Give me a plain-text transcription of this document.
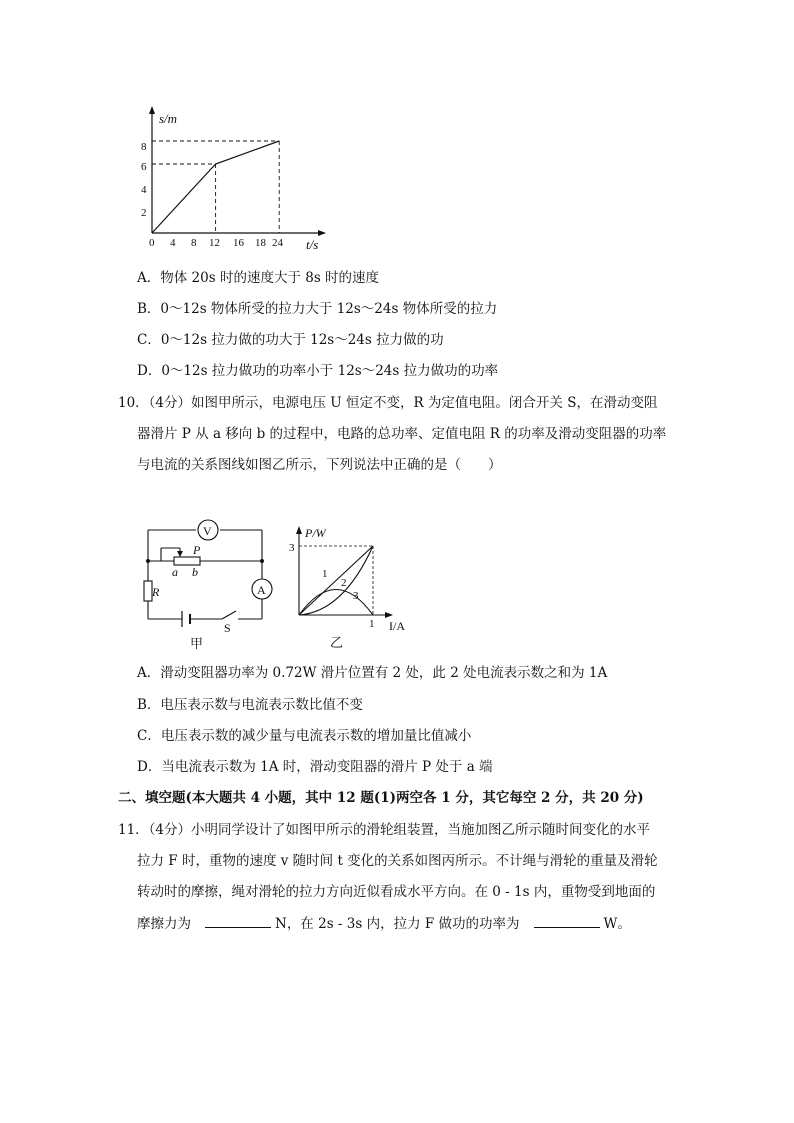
s/m
t/s
2
4
6
8
0 4 8 12 16 18 24
A．物体 20s 时的速度大于 8s 时的速度
B．0～12s 物体所受的拉力大于 12s～24s 物体所受的拉力
C．0～12s 拉力做的功大于 12s～24s 拉力做的功
D．0～12s 拉力做功的功率小于 12s～24s 拉力做功的功率
10．（4分）如图甲所示，电源电压 U 恒定不变，R 为定值电阻。闭合开关 S，在滑动变阻
器滑片 P 从 a 移向 b 的过程中，电路的总功率、定值电阻 R 的功率及滑动变阻器的功率
与电流的关系图线如图乙所示，下列说法中正确的是（　　）
V
A
P
a b
R
S
甲
P/W
I/A
3
1
1
2
3
乙
A．滑动变阻器功率为 0.72W 滑片位置有 2 处，此 2 处电流表示数之和为 1A
B．电压表示数与电流表示数比值不变
C．电压表示数的减少量与电流表示数的增加量比值减小
D．当电流表示数为 1A 时，滑动变阻器的滑片 P 处于 a 端
二、填空题(本大题共 4 小题，其中 12 题(1)两空各 1 分，其它每空 2 分，共 20 分)
11．（4分）小明同学设计了如图甲所示的滑轮组装置，当施加图乙所示随时间变化的水平
拉力 F 时，重物的速度 v 随时间 t 变化的关系如图丙所示。不计绳与滑轮的重量及滑轮
转动时的摩擦，绳对滑轮的拉力方向近似看成水平方向。在 0 - 1s 内，重物受到地面的
摩擦力为	N，在 2s - 3s 内，拉力 F 做功的功率为	W。
